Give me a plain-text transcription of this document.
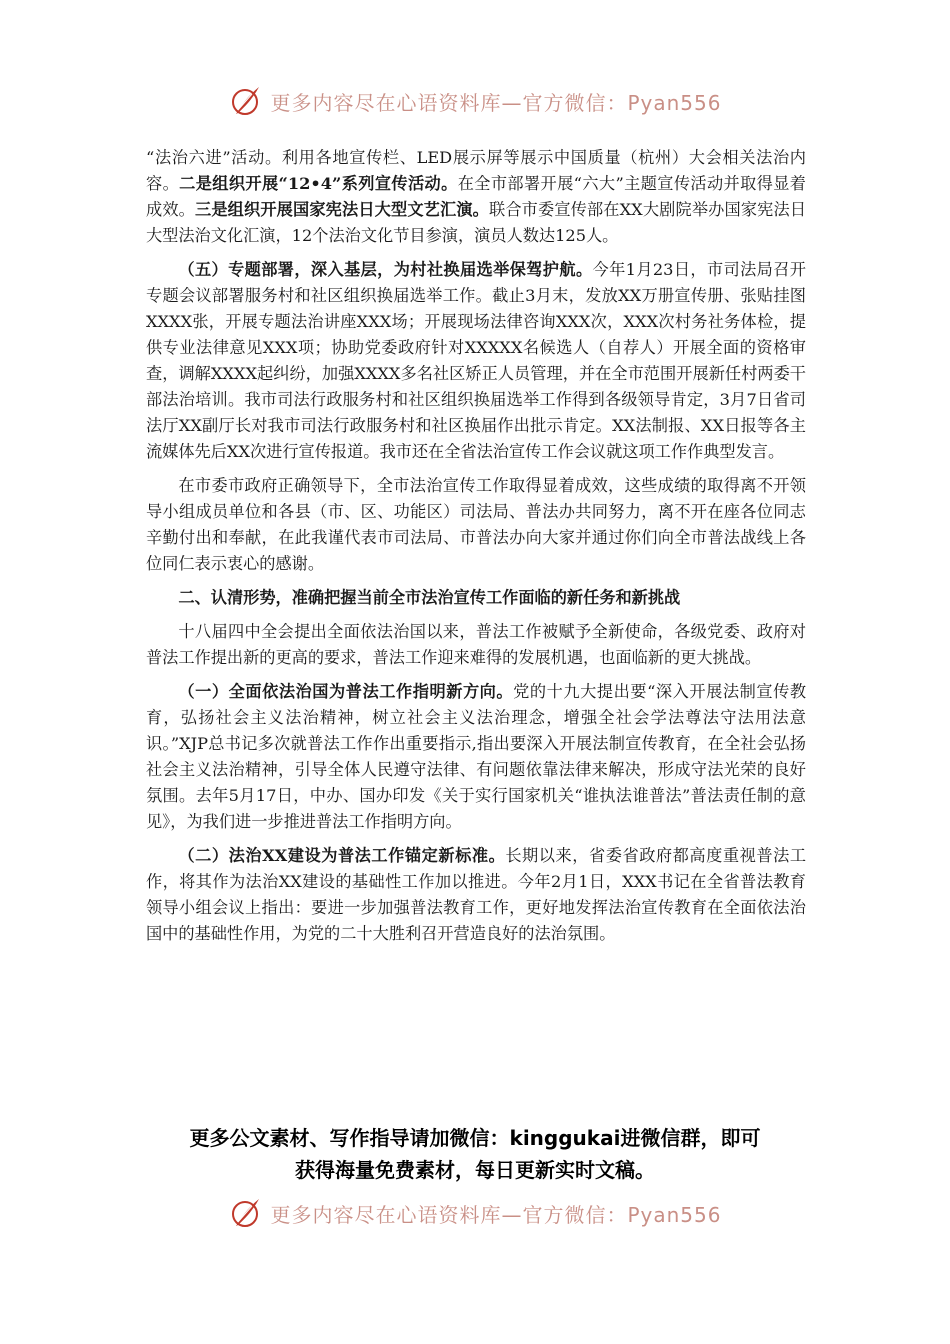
更多内容尽在心语资料库—官方微信：Pyan556

“法治六进”活动。利用各地宣传栏、LED展示屏等展示中国质量（杭州）大会相关法治内容。二是组织开展“12•4”系列宣传活动。在全市部署开展“六大”主题宣传活动并取得显着成效。三是组织开展国家宪法日大型文艺汇演。联合市委宣传部在XX大剧院举办国家宪法日大型法治文化汇演，12个法治文化节目参演，演员人数达125人。

（五）专题部署，深入基层，为村社换届选举保驾护航。今年1月23日，市司法局召开专题会议部署服务村和社区组织换届选举工作。截止3月末，发放XX万册宣传册、张贴挂图XXXX张，开展专题法治讲座XXX场；开展现场法律咨询XXX次，XXX次村务社务体检，提供专业法律意见XXX项；协助党委政府针对XXXXX名候选人（自荐人）开展全面的资格审查，调解XXXX起纠纷，加强XXXX多名社区矫正人员管理，并在全市范围开展新任村两委干部法治培训。我市司法行政服务村和社区组织换届选举工作得到各级领导肯定，3月7日省司法厅XX副厅长对我市司法行政服务村和社区换届作出批示肯定。XX法制报、XX日报等各主流媒体先后XX次进行宣传报道。我市还在全省法治宣传工作会议就这项工作作典型发言。

在市委市政府正确领导下，全市法治宣传工作取得显着成效，这些成绩的取得离不开领导小组成员单位和各县（市、区、功能区）司法局、普法办共同努力，离不开在座各位同志辛勤付出和奉献，在此我谨代表市司法局、市普法办向大家并通过你们向全市普法战线上各位同仁表示衷心的感谢。

二、认清形势，准确把握当前全市法治宣传工作面临的新任务和新挑战

十八届四中全会提出全面依法治国以来，普法工作被赋予全新使命，各级党委、政府对普法工作提出新的更高的要求，普法工作迎来难得的发展机遇，也面临新的更大挑战。

（一）全面依法治国为普法工作指明新方向。党的十九大提出要“深入开展法制宣传教育，弘扬社会主义法治精神，树立社会主义法治理念，增强全社会学法尊法守法用法意识。”XJP总书记多次就普法工作作出重要指示,指出要深入开展法制宣传教育，在全社会弘扬社会主义法治精神，引导全体人民遵守法律、有问题依靠法律来解决，形成守法光荣的良好氛围。去年5月17日，中办、国办印发《关于实行国家机关“谁执法谁普法”普法责任制的意见》，为我们进一步推进普法工作指明方向。

（二）法治XX建设为普法工作锚定新标准。长期以来，省委省政府都高度重视普法工作，将其作为法治XX建设的基础性工作加以推进。今年2月1日，XXX书记在全省普法教育领导小组会议上指出：要进一步加强普法教育工作，更好地发挥法治宣传教育在全面依法治国中的基础性作用，为党的二十大胜利召开营造良好的法治氛围。

更多公文素材、写作指导请加微信：kinggukai进微信群，即可
获得海量免费素材，每日更新实时文稿。
更多内容尽在心语资料库—官方微信：Pyan556
